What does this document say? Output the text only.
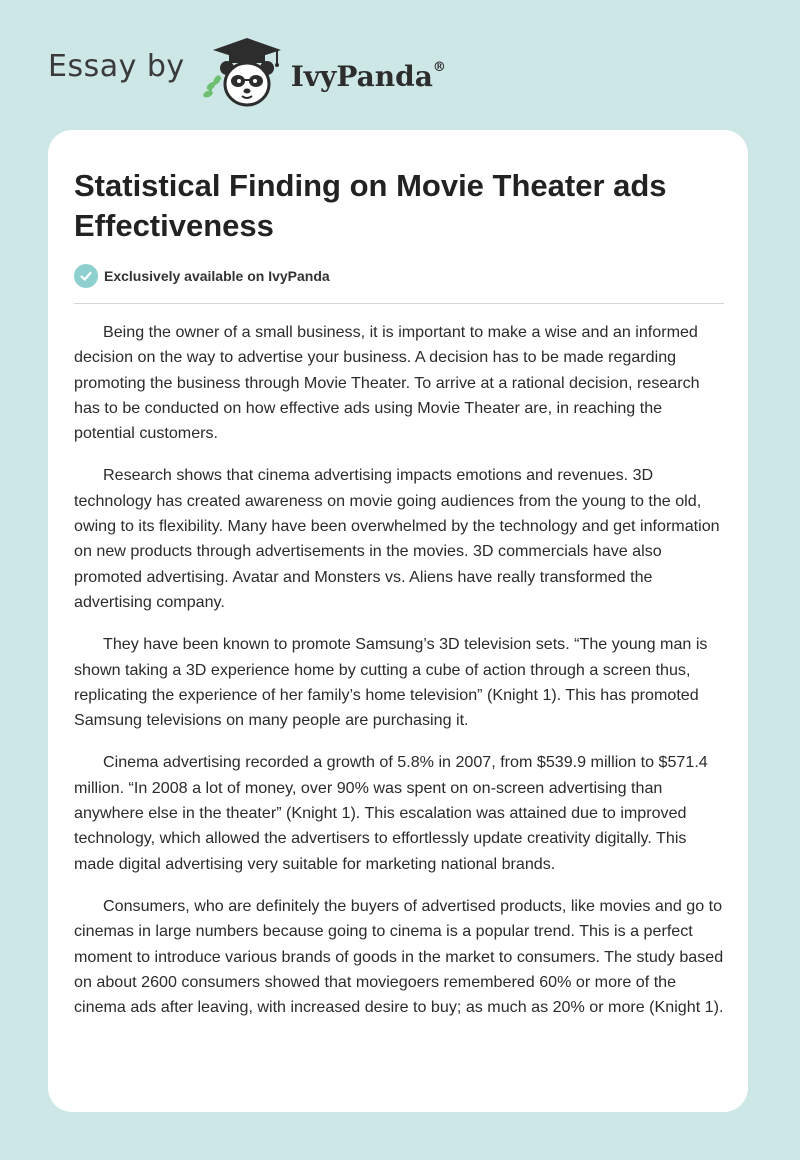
Essay by	IvyPanda®
Statistical Finding on Movie Theater ads Effectiveness
Exclusively available on IvyPanda

Being the owner of a small business, it is important to make a wise and an informed decision on the way to advertise your business. A decision has to be made regarding promoting the business through Movie Theater. To arrive at a rational decision, research has to be conducted on how effective ads using Movie Theater are, in reaching the potential customers.

Research shows that cinema advertising impacts emotions and revenues. 3D technology has created awareness on movie going audiences from the young to the old, owing to its flexibility. Many have been overwhelmed by the technology and get information on new products through advertisements in the movies. 3D commercials have also promoted advertising. Avatar and Monsters vs. Aliens have really transformed the advertising company.

They have been known to promote Samsung’s 3D television sets. “The young man is shown taking a 3D experience home by cutting a cube of action through a screen thus, replicating the experience of her family’s home television” (Knight 1). This has promoted Samsung televisions on many people are purchasing it.

Cinema advertising recorded a growth of 5.8% in 2007, from $539.9 million to $571.4 million. “In 2008 a lot of money, over 90% was spent on on-screen advertising than anywhere else in the theater” (Knight 1). This escalation was attained due to improved technology, which allowed the advertisers to effortlessly update creativity digitally. This made digital advertising very suitable for marketing national brands.

Consumers, who are definitely the buyers of advertised products, like movies and go to cinemas in large numbers because going to cinema is a popular trend. This is a perfect moment to introduce various brands of goods in the market to consumers. The study based on about 2600 consumers showed that moviegoers remembered 60% or more of the cinema ads after leaving, with increased desire to buy; as much as 20% or more (Knight 1).
